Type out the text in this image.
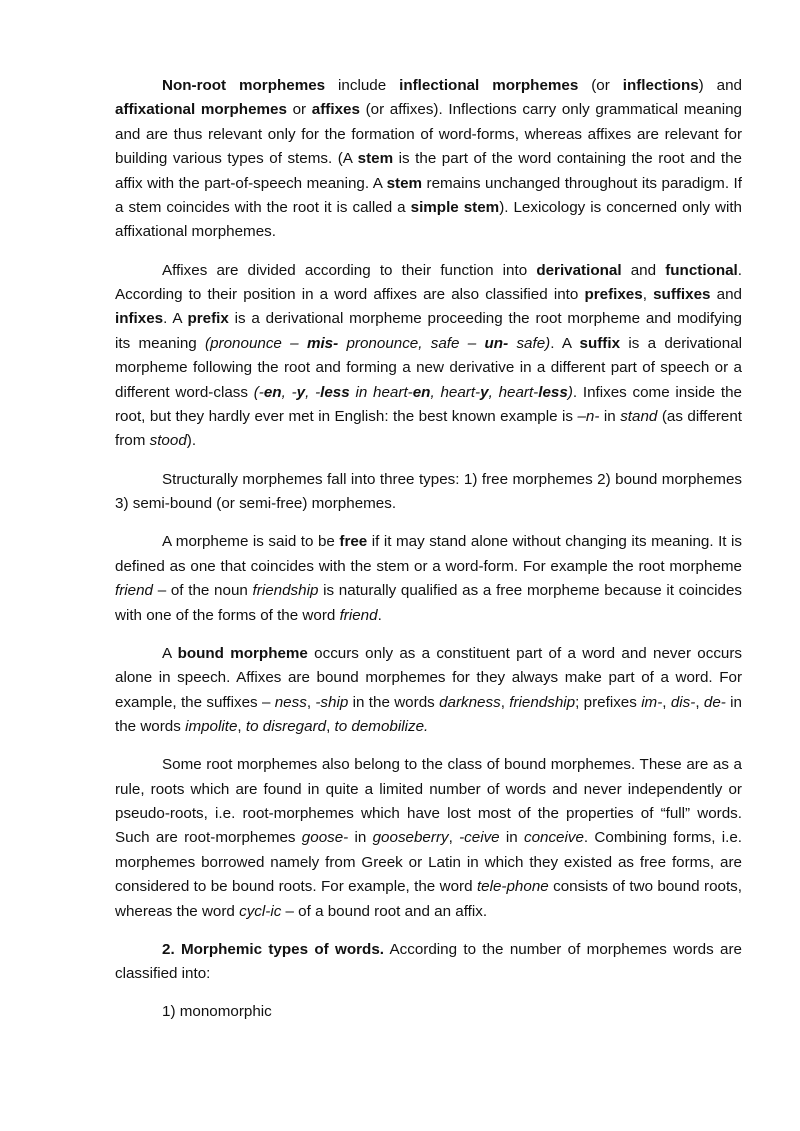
Non-root morphemes include inflectional morphemes (or inflections) and affixational morphemes or affixes (or affixes). Inflections carry only grammatical meaning and are thus relevant only for the formation of word-forms, whereas affixes are relevant for building various types of stems. (A stem is the part of the word containing the root and the affix with the part-of-speech meaning. A stem remains unchanged throughout its paradigm. If a stem coincides with the root it is called a simple stem). Lexicology is concerned only with affixational morphemes.

Affixes are divided according to their function into derivational and functional. According to their position in a word affixes are also classified into prefixes, suffixes and infixes. A prefix is a derivational morpheme proceeding the root morpheme and modifying its meaning (pronounce – mis- pronounce, safe – un- safe). A suffix is a derivational morpheme following the root and forming a new derivative in a different part of speech or a different word-class (-en, -y, -less in heart-en, heart-y, heart-less). Infixes come inside the root, but they hardly ever met in English: the best known example is –n- in stand (as different from stood).

Structurally morphemes fall into three types: 1) free morphemes 2) bound morphemes 3) semi-bound (or semi-free) morphemes.

A morpheme is said to be free if it may stand alone without changing its meaning. It is defined as one that coincides with the stem or a word-form. For example the root morpheme friend – of the noun friendship is naturally qualified as a free morpheme because it coincides with one of the forms of the word friend.

A bound morpheme occurs only as a constituent part of a word and never occurs alone in speech. Affixes are bound morphemes for they always make part of a word. For example, the suffixes – ness, -ship in the words darkness, friendship; prefixes im-, dis-, de- in the words impolite, to disregard, to demobilize.

Some root morphemes also belong to the class of bound morphemes. These are as a rule, roots which are found in quite a limited number of words and never independently or pseudo-roots, i.e. root-morphemes which have lost most of the properties of “full” words. Such are root-morphemes goose- in gooseberry, -ceive in conceive. Combining forms, i.e. morphemes borrowed namely from Greek or Latin in which they existed as free forms, are considered to be bound roots. For example, the word tele-phone consists of two bound roots, whereas the word cycl-ic – of a bound root and an affix.

2. Morphemic types of words. According to the number of morphemes words are classified into:

1) monomorphic
